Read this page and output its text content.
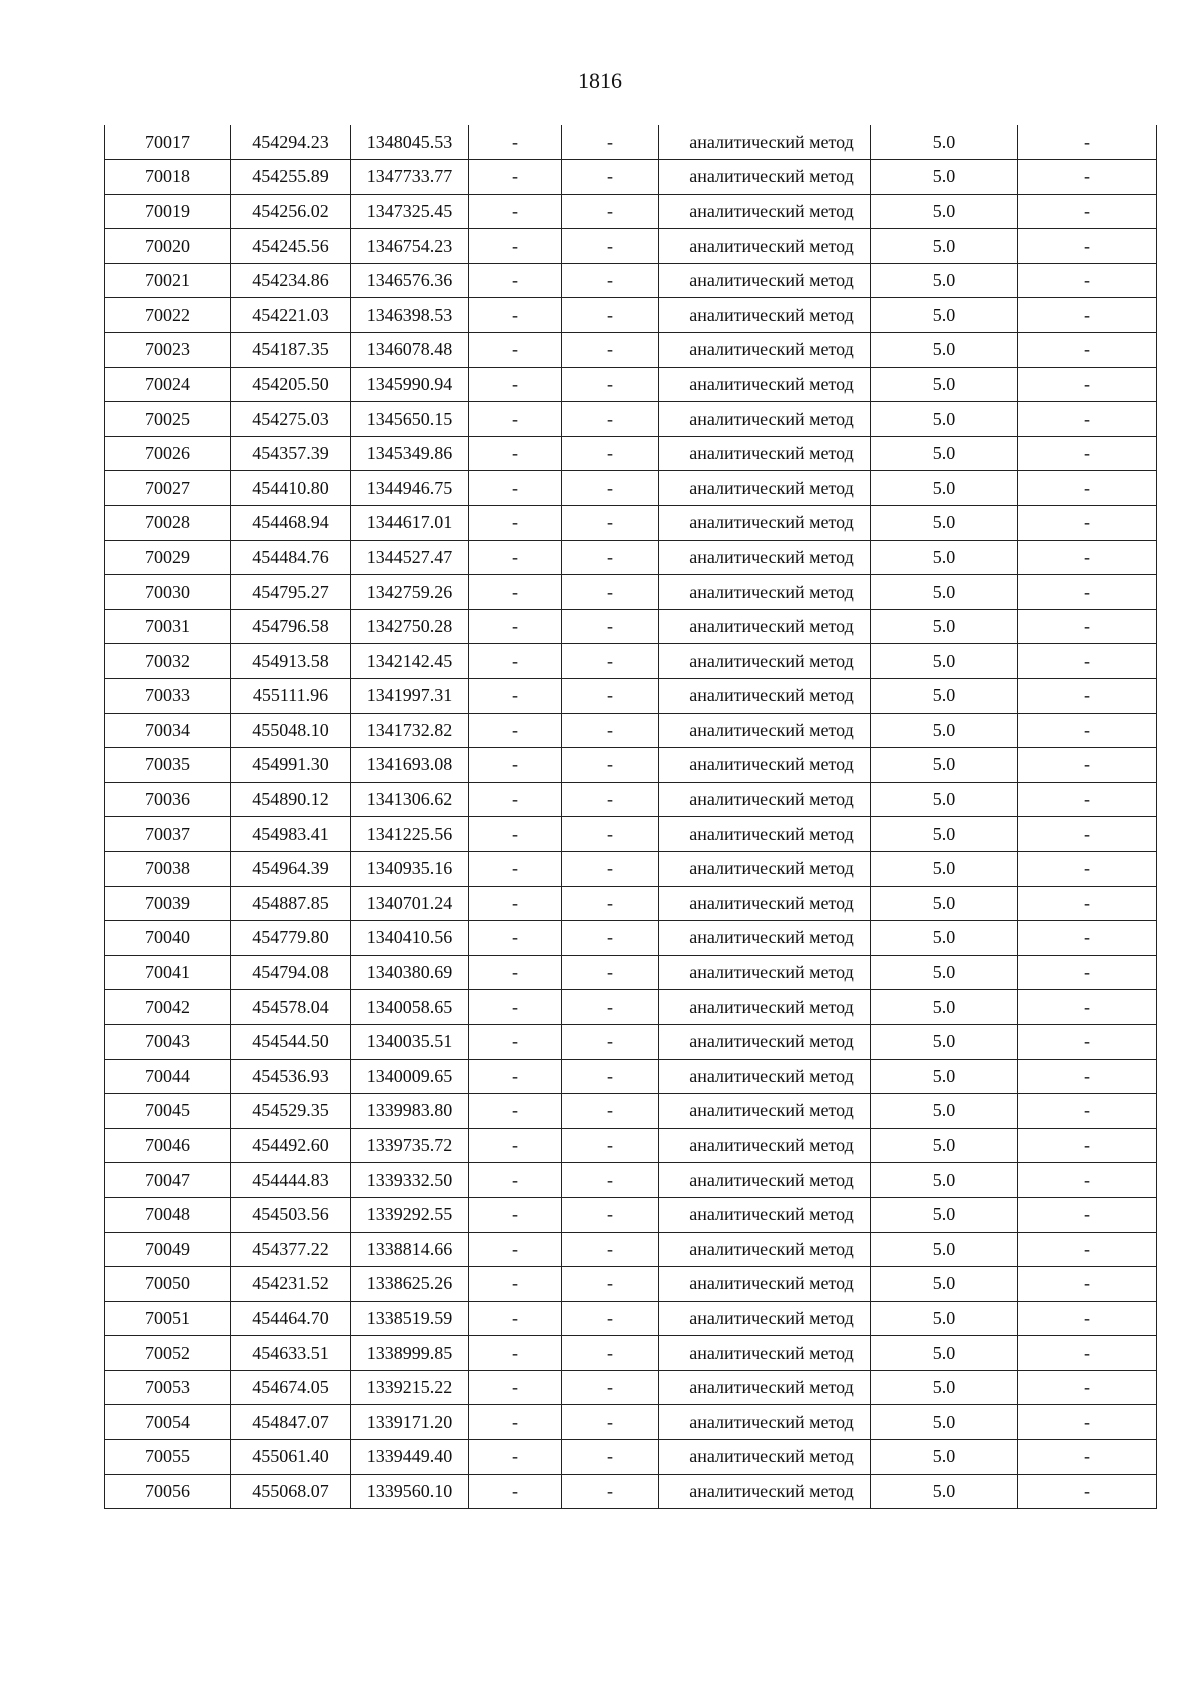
1816
70017	454294.23	1348045.53	-	-	аналитический метод	5.0	-
70018	454255.89	1347733.77	-	-	аналитический метод	5.0	-
70019	454256.02	1347325.45	-	-	аналитический метод	5.0	-
70020	454245.56	1346754.23	-	-	аналитический метод	5.0	-
70021	454234.86	1346576.36	-	-	аналитический метод	5.0	-
70022	454221.03	1346398.53	-	-	аналитический метод	5.0	-
70023	454187.35	1346078.48	-	-	аналитический метод	5.0	-
70024	454205.50	1345990.94	-	-	аналитический метод	5.0	-
70025	454275.03	1345650.15	-	-	аналитический метод	5.0	-
70026	454357.39	1345349.86	-	-	аналитический метод	5.0	-
70027	454410.80	1344946.75	-	-	аналитический метод	5.0	-
70028	454468.94	1344617.01	-	-	аналитический метод	5.0	-
70029	454484.76	1344527.47	-	-	аналитический метод	5.0	-
70030	454795.27	1342759.26	-	-	аналитический метод	5.0	-
70031	454796.58	1342750.28	-	-	аналитический метод	5.0	-
70032	454913.58	1342142.45	-	-	аналитический метод	5.0	-
70033	455111.96	1341997.31	-	-	аналитический метод	5.0	-
70034	455048.10	1341732.82	-	-	аналитический метод	5.0	-
70035	454991.30	1341693.08	-	-	аналитический метод	5.0	-
70036	454890.12	1341306.62	-	-	аналитический метод	5.0	-
70037	454983.41	1341225.56	-	-	аналитический метод	5.0	-
70038	454964.39	1340935.16	-	-	аналитический метод	5.0	-
70039	454887.85	1340701.24	-	-	аналитический метод	5.0	-
70040	454779.80	1340410.56	-	-	аналитический метод	5.0	-
70041	454794.08	1340380.69	-	-	аналитический метод	5.0	-
70042	454578.04	1340058.65	-	-	аналитический метод	5.0	-
70043	454544.50	1340035.51	-	-	аналитический метод	5.0	-
70044	454536.93	1340009.65	-	-	аналитический метод	5.0	-
70045	454529.35	1339983.80	-	-	аналитический метод	5.0	-
70046	454492.60	1339735.72	-	-	аналитический метод	5.0	-
70047	454444.83	1339332.50	-	-	аналитический метод	5.0	-
70048	454503.56	1339292.55	-	-	аналитический метод	5.0	-
70049	454377.22	1338814.66	-	-	аналитический метод	5.0	-
70050	454231.52	1338625.26	-	-	аналитический метод	5.0	-
70051	454464.70	1338519.59	-	-	аналитический метод	5.0	-
70052	454633.51	1338999.85	-	-	аналитический метод	5.0	-
70053	454674.05	1339215.22	-	-	аналитический метод	5.0	-
70054	454847.07	1339171.20	-	-	аналитический метод	5.0	-
70055	455061.40	1339449.40	-	-	аналитический метод	5.0	-
70056	455068.07	1339560.10	-	-	аналитический метод	5.0	-
